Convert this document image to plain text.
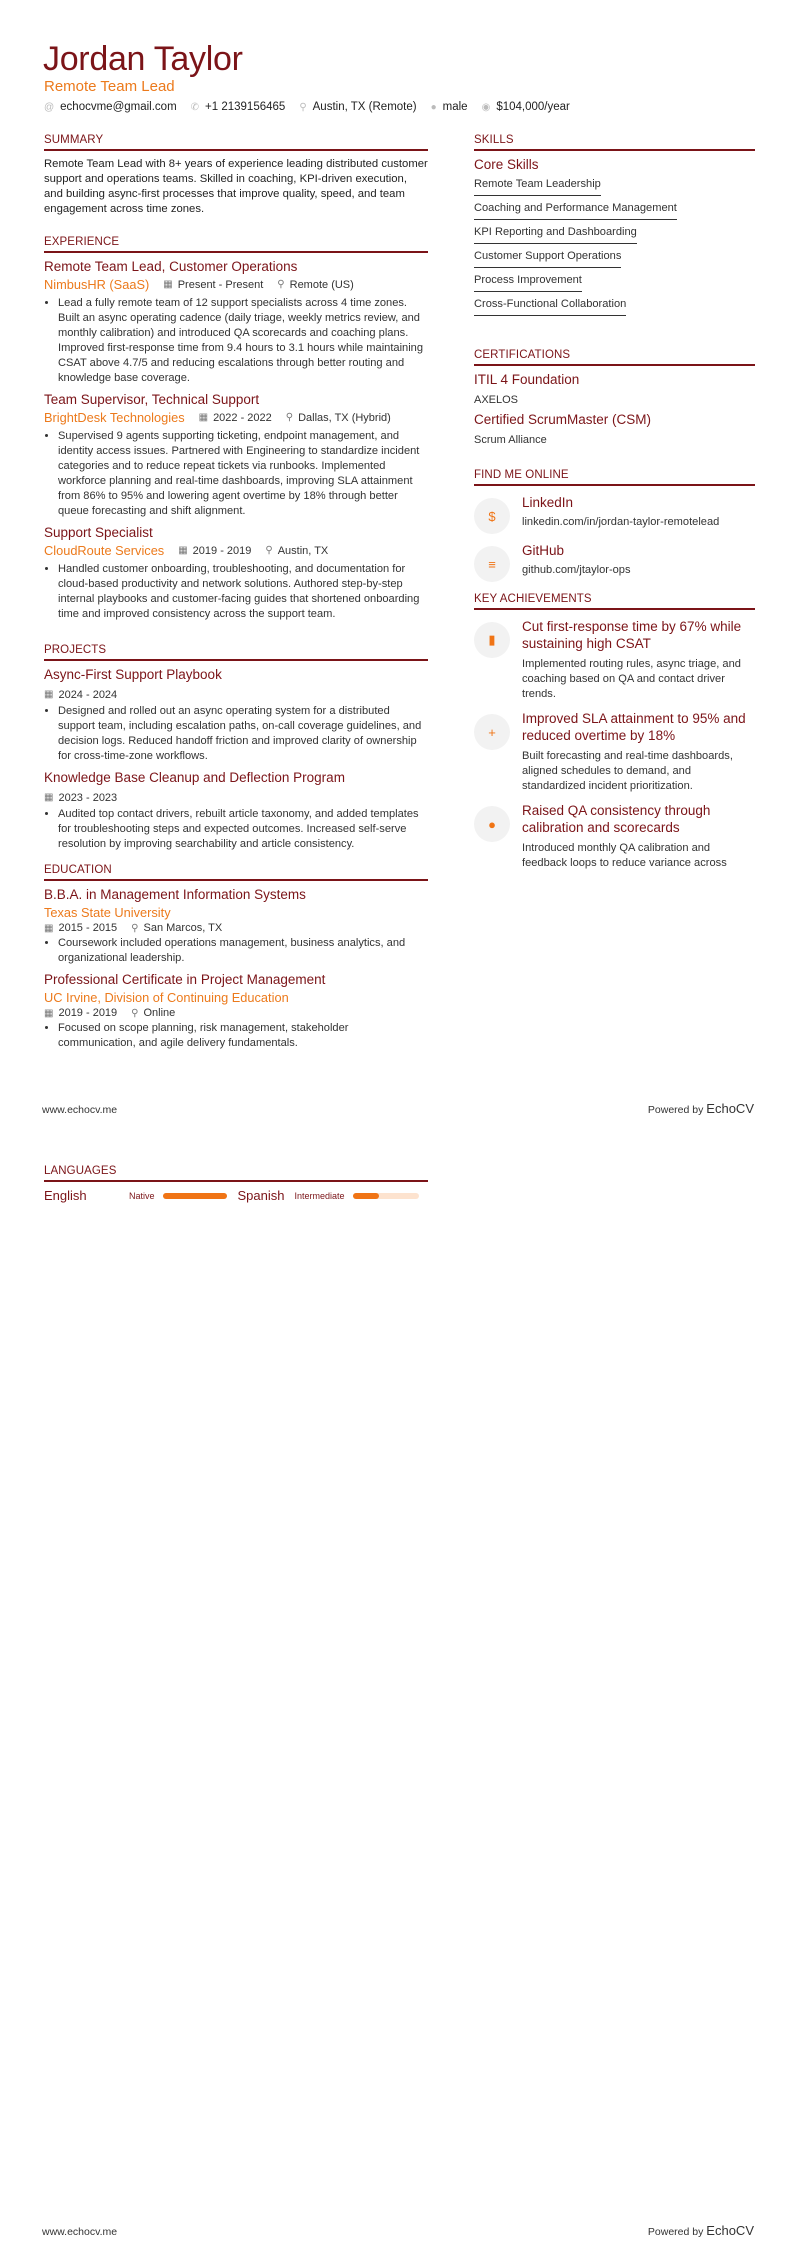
Jordan Taylor
Remote Team Lead
@ echocvme@gmail.com ✆ +1 2139156465 ⚲ Austin, TX (Remote) ● male ◉ $104,000/year
SUMMARY
Remote Team Lead with 8+ years of experience leading distributed customer support and operations teams. Skilled in coaching, KPI-driven execution, and building async-first processes that improve quality, speed, and team engagement across time zones.
EXPERIENCE
Remote Team Lead, Customer Operations
NimbusHR (SaaS) ▦ Present - Present ⚲ Remote (US)
• Lead a fully remote team of 12 support specialists across 4 time zones. Built an async operating cadence (daily triage, weekly metrics review, and monthly calibration) and introduced QA scorecards and coaching plans. Improved first-response time from 9.4 hours to 3.1 hours while maintaining CSAT above 4.7/5 and reducing escalations through better routing and knowledge base coverage.
Team Supervisor, Technical Support
BrightDesk Technologies ▦ 2022 - 2022 ⚲ Dallas, TX (Hybrid)
• Supervised 9 agents supporting ticketing, endpoint management, and identity access issues. Partnered with Engineering to standardize incident categories and to reduce repeat tickets via runbooks. Implemented workforce planning and real-time dashboards, improving SLA attainment from 86% to 95% and lowering agent overtime by 18% through better queue forecasting and shift alignment.
Support Specialist
CloudRoute Services ▦ 2019 - 2019 ⚲ Austin, TX
• Handled customer onboarding, troubleshooting, and documentation for cloud-based productivity and network solutions. Authored step-by-step internal playbooks and customer-facing guides that shortened onboarding time and improved consistency across the support team.
PROJECTS
Async-First Support Playbook
▦ 2024 - 2024
• Designed and rolled out an async operating system for a distributed support team, including escalation paths, on-call coverage guidelines, and decision logs. Reduced handoff friction and improved clarity of ownership for cross-time-zone workflows.
Knowledge Base Cleanup and Deflection Program
▦ 2023 - 2023
• Audited top contact drivers, rebuilt article taxonomy, and added templates for troubleshooting steps and expected outcomes. Increased self-serve resolution by improving searchability and article consistency.
EDUCATION
B.B.A. in Management Information Systems
Texas State University
▦ 2015 - 2015 ⚲ San Marcos, TX
• Coursework included operations management, business analytics, and organizational leadership.
Professional Certificate in Project Management
UC Irvine, Division of Continuing Education
▦ 2019 - 2019 ⚲ Online
• Focused on scope planning, risk management, stakeholder communication, and agile delivery fundamentals.
SKILLS
Core Skills
Remote Team Leadership
Coaching and Performance Management
KPI Reporting and Dashboarding
Customer Support Operations
Process Improvement
Cross-Functional Collaboration
CERTIFICATIONS
ITIL 4 Foundation
AXELOS
Certified ScrumMaster (CSM)
Scrum Alliance
FIND ME ONLINE
$
LinkedIn
linkedin.com/in/jordan-taylor-remotelead
≡
GitHub
github.com/jtaylor-ops
KEY ACHIEVEMENTS
▮
Cut first-response time by 67% while sustaining high CSAT
Implemented routing rules, async triage, and coaching based on QA and contact driver trends.
+
Improved SLA attainment to 95% and reduced overtime by 18%
Built forecasting and real-time dashboards, aligned schedules to demand, and standardized incident prioritization.
●
Raised QA consistency through calibration and scorecards
Introduced monthly QA calibration and feedback loops to reduce variance across
www.echocv.me	Powered by EchoCV
LANGUAGES
English	Native	Spanish	Intermediate
www.echocv.me	Powered by EchoCV
